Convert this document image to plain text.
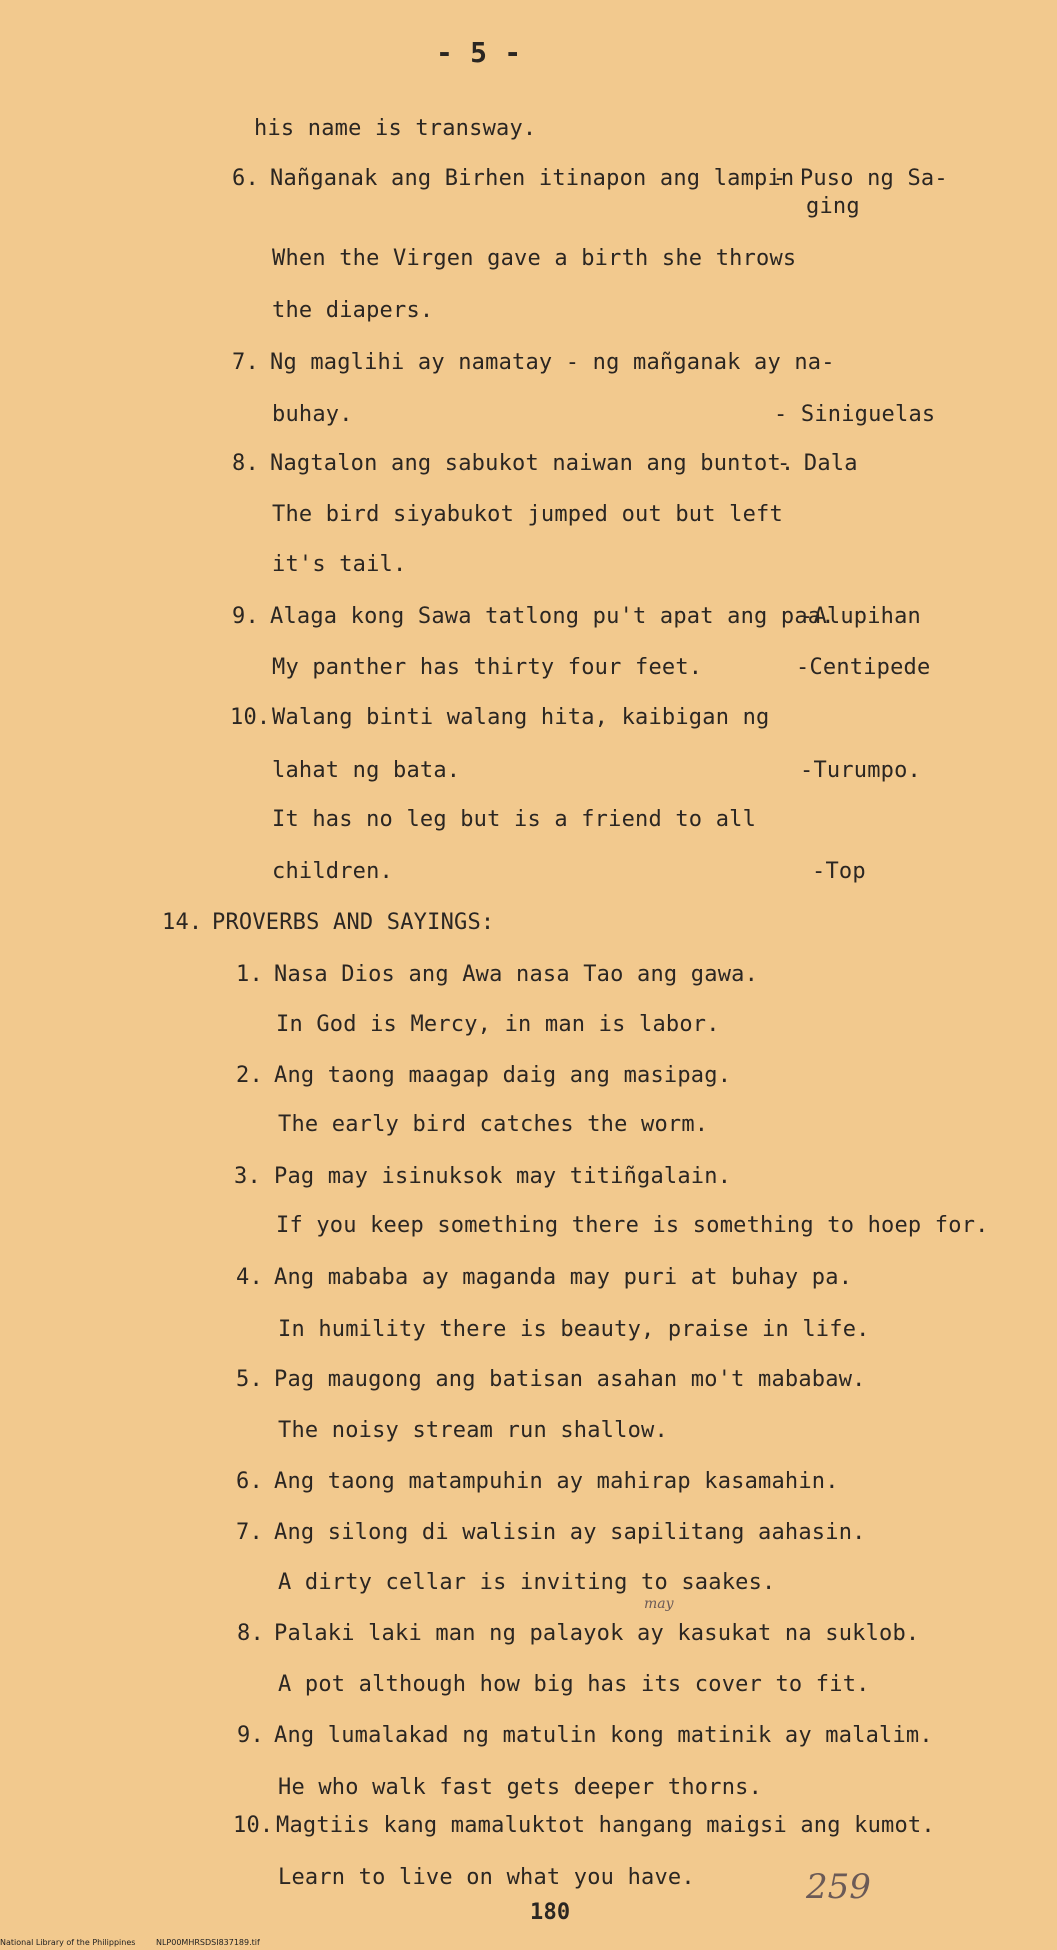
- 5 -
his name is transway.
6. Nañganak ang Birhen itinapon ang lampin
- Puso ng Sa-
ging
When the Virgen gave a birth she throws
the diapers.
7. Ng maglihi ay namatay - ng mañganak ay na-
buhay.	- Siniguelas
8. Nagtalon ang sabukot naiwan ang buntot.
- Dala
The bird siyabukot jumped out but left
it's tail.
9. Alaga kong Sawa tatlong pu't apat ang paa.
-Alupihan
My panther has thirty four feet.	-Centipede
10. Walang binti walang hita, kaibigan ng
lahat ng bata.	-Turumpo.
It has no leg but is a friend to all
children.	-Top
14. PROVERBS AND SAYINGS:
1. Nasa Dios ang Awa nasa Tao ang gawa.
In God is Mercy, in man is labor.
2. Ang taong maagap daig ang masipag.
The early bird catches the worm.
3. Pag may isinuksok may titiñgalain.
If you keep something there is something to hoep for.
4. Ang mababa ay maganda may puri at buhay pa.
In humility there is beauty, praise in life.
5. Pag maugong ang batisan asahan mo't mababaw.
The noisy stream run shallow.
6. Ang taong matampuhin ay mahirap kasamahin.
7. Ang silong di walisin ay sapilitang aahasin.
A dirty cellar is inviting to saakes.
8. Palaki laki man ng palayok ay kasukat na suklob.
may
A pot although how big has its cover to fit.
9. Ang lumalakad ng matulin kong matinik ay malalim.
He who walk fast gets deeper thorns.
10. Magtiis kang mamaluktot hangang maigsi ang kumot.
Learn to live on what you have.
180
259
National Library of the Philippines	NLP00MHRSDSI837189.tif
